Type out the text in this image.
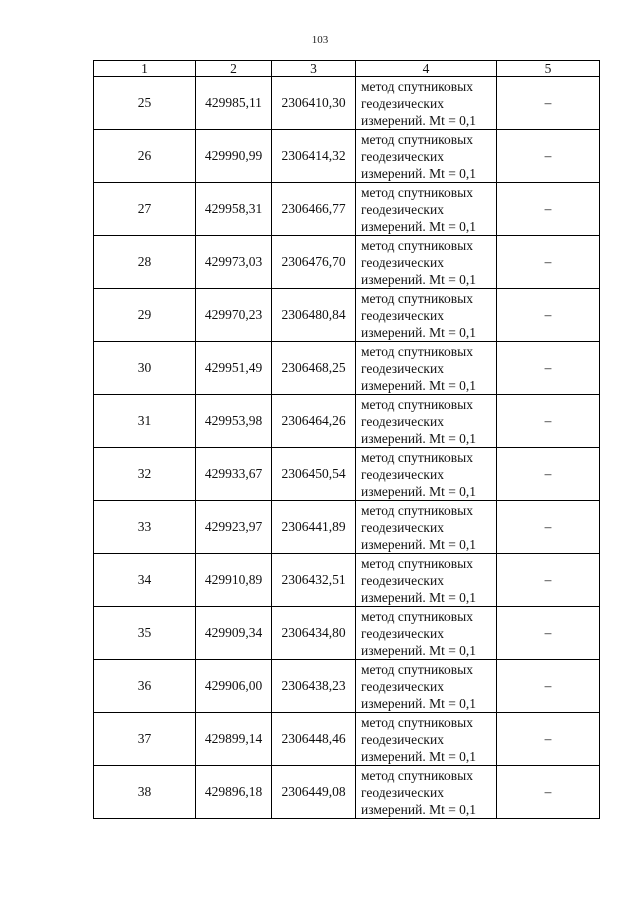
103
1	2	3	4	5
25	429985,11	2306410,30	метод спутниковых
геодезических
измерений. Mt = 0,1	–
26	429990,99	2306414,32	метод спутниковых
геодезических
измерений. Mt = 0,1	–
27	429958,31	2306466,77	метод спутниковых
геодезических
измерений. Mt = 0,1	–
28	429973,03	2306476,70	метод спутниковых
геодезических
измерений. Mt = 0,1	–
29	429970,23	2306480,84	метод спутниковых
геодезических
измерений. Mt = 0,1	–
30	429951,49	2306468,25	метод спутниковых
геодезических
измерений. Mt = 0,1	–
31	429953,98	2306464,26	метод спутниковых
геодезических
измерений. Mt = 0,1	–
32	429933,67	2306450,54	метод спутниковых
геодезических
измерений. Mt = 0,1	–
33	429923,97	2306441,89	метод спутниковых
геодезических
измерений. Mt = 0,1	–
34	429910,89	2306432,51	метод спутниковых
геодезических
измерений. Mt = 0,1	–
35	429909,34	2306434,80	метод спутниковых
геодезических
измерений. Mt = 0,1	–
36	429906,00	2306438,23	метод спутниковых
геодезических
измерений. Mt = 0,1	–
37	429899,14	2306448,46	метод спутниковых
геодезических
измерений. Mt = 0,1	–
38	429896,18	2306449,08	метод спутниковых
геодезических
измерений. Mt = 0,1	–
